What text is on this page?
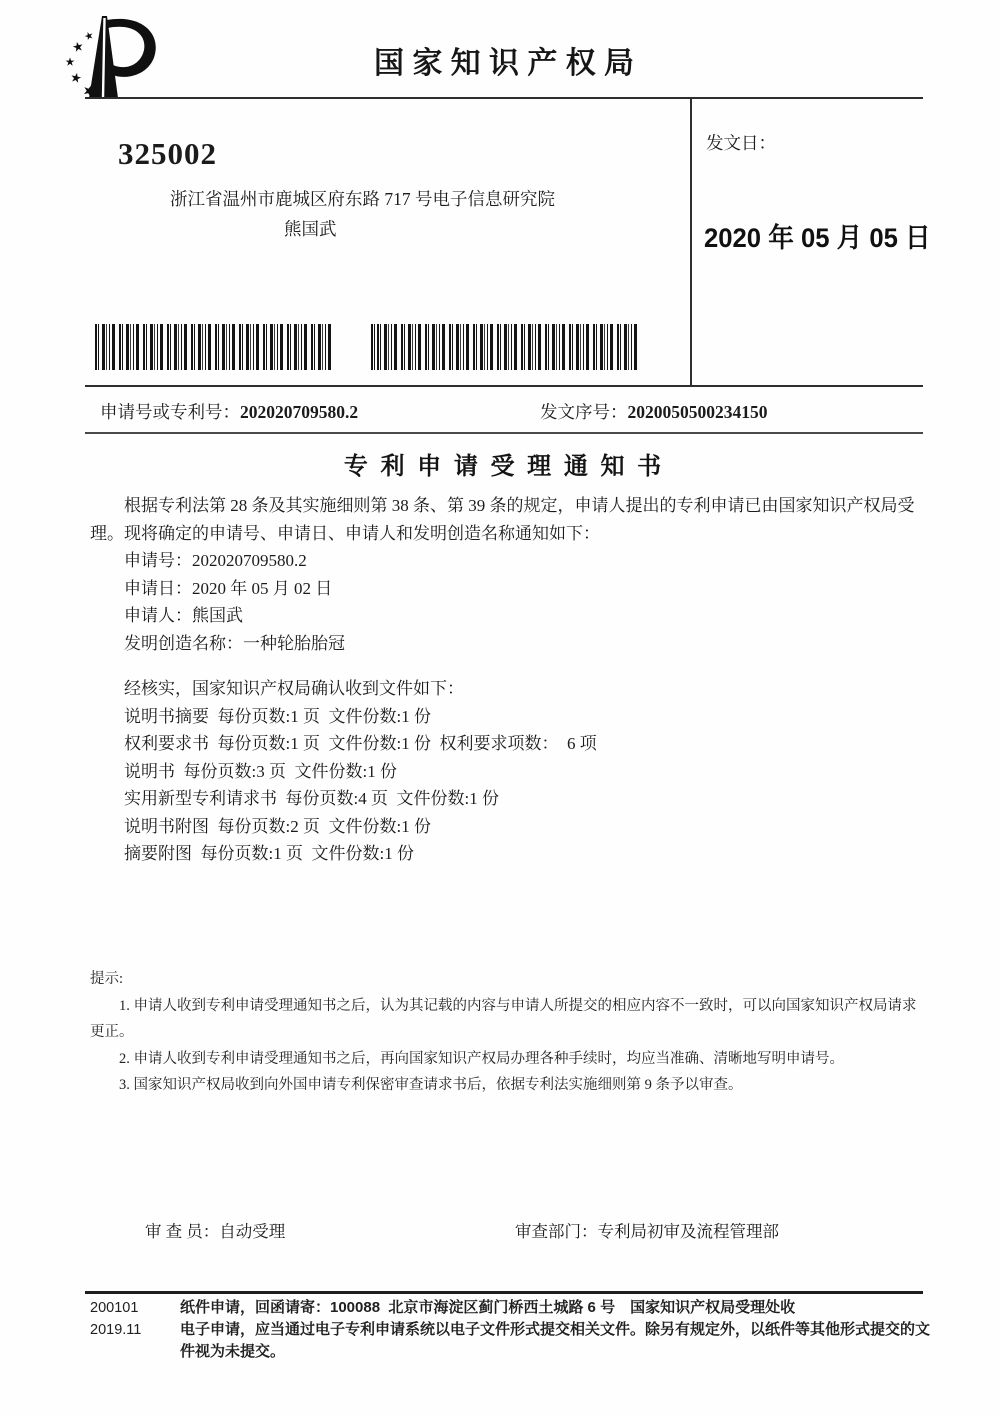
国 家 知 识 产 权 局
325002
浙江省温州市鹿城区府东路 717 号电子信息研究院
熊国武
发文日：
2020 年 05 月 05 日
申请号或专利号：202020709580.2	发文序号：2020050500234150
专 利 申 请 受 理 通 知 书

根据专利法第 28 条及其实施细则第 38 条、第 39 条的规定，申请人提出的专利申请已由国家知识产权局受理。现将确定的申请号、申请日、申请人和发明创造名称通知如下：

申请号：202020709580.2

申请日：2020 年 05 月 02 日

申请人：熊国武

发明创造名称：一种轮胎胎冠

经核实，国家知识产权局确认收到文件如下：

说明书摘要  每份页数:1 页  文件份数:1 份

权利要求书  每份页数:1 页  文件份数:1 份  权利要求项数：  6 项

说明书  每份页数:3 页  文件份数:1 份

实用新型专利请求书  每份页数:4 页  文件份数:1 份

说明书附图  每份页数:2 页  文件份数:1 份

摘要附图  每份页数:1 页  文件份数:1 份

提示:

1. 申请人收到专利申请受理通知书之后，认为其记载的内容与申请人所提交的相应内容不一致时，可以向国家知识产权局请求更正。

2. 申请人收到专利申请受理通知书之后，再向国家知识产权局办理各种手续时，均应当准确、清晰地写明申请号。

3. 国家知识产权局收到向外国申请专利保密审查请求书后，依据专利法实施细则第 9 条予以审查。

审 查 员：自动受理	审查部门：专利局初审及流程管理部
200101
2019.11
纸件申请，回函请寄：100088  北京市海淀区蓟门桥西土城路 6 号　国家知识产权局受理处收
电子申请，应当通过电子专利申请系统以电子文件形式提交相关文件。除另有规定外，以纸件等其他形式提交的文件视为未提交。
